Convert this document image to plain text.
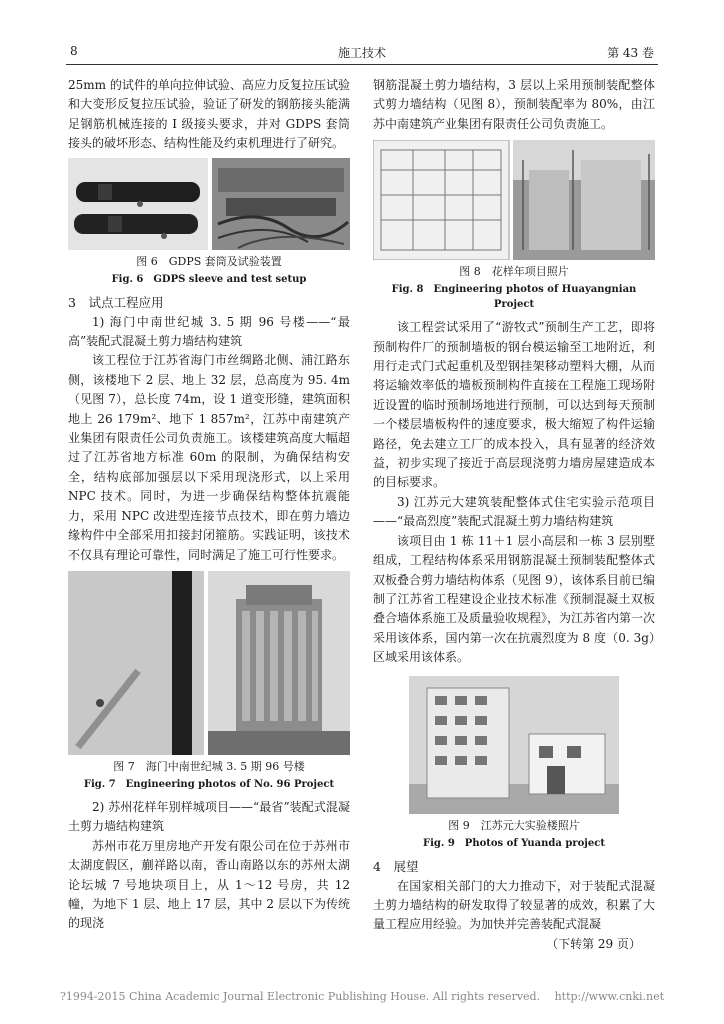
8	施工技术	第 43 卷

25mm 的试件的单向拉伸试验、高应力反复拉压试验和大变形反复拉压试验，验证了研发的钢筋接头能满足钢筋机械连接的 I 级接头要求，并对 GDPS 套筒接头的破坏形态、结构性能及约束机理进行了研究。

图 6　GDPS 套筒及试验装置
Fig. 6　GDPS sleeve and test setup
3　试点工程应用

1) 海门中南世纪城 3. 5 期 96 号楼——“最高”装配式混凝土剪力墙结构建筑

该工程位于江苏省海门市丝绸路北侧、浦江路东侧，该楼地下 2 层、地上 32 层，总高度为 95. 4m（见图 7），总长度 74m，设 1 道变形缝，建筑面积地上 26 179m²、地下 1 857m²，江苏中南建筑产业集团有限责任公司负责施工。该楼建筑高度大幅超过了江苏省地方标准 60m 的限制，为确保结构安全，结构底部加强层以下采用现浇形式，以上采用 NPC 技术。同时，为进一步确保结构整体抗震能力，采用 NPC 改进型连接节点技术，即在剪力墙边缘构件中全部采用扣接封闭箍筋。实践证明，该技术不仅具有理论可靠性，同时满足了施工可行性要求。

图 7　海门中南世纪城 3. 5 期 96 号楼
Fig. 7　Engineering photos of No. 96 Project

2) 苏州花样年别样城项目——“最省”装配式混凝土剪力墙结构建筑

苏州市花万里房地产开发有限公司在位于苏州市太湖度假区，蒯祥路以南，香山南路以东的苏州太湖论坛城 7 号地块项目上，从 1～12 号房，共 12 幢，为地下 1 层、地上 17 层，其中 2 层以下为传统的现浇

钢筋混凝土剪力墙结构，3 层以上采用预制装配整体式剪力墙结构（见图 8），预制装配率为 80%，由江苏中南建筑产业集团有限责任公司负责施工。

图 8　花样年项目照片
Fig. 8　Engineering photos of Huayangnian Project

该工程尝试采用了“游牧式”预制生产工艺，即将预制构件厂的预制墙板的钢台模运输至工地附近，利用行走式门式起重机及型钢挂架移动塑料大棚，从而将运输效率低的墙板预制构件直接在工程施工现场附近设置的临时预制场地进行预制，可以达到每天预制一个楼层墙板构件的速度要求，极大缩短了构件运输路径，免去建立工厂的成本投入，具有显著的经济效益，初步实现了接近于高层现浇剪力墙房屋建造成本的目标要求。

3) 江苏元大建筑装配整体式住宅实验示范项目——“最高烈度”装配式混凝土剪力墙结构建筑

该项目由 1 栋 11＋1 层小高层和一栋 3 层别墅组成，工程结构体系采用钢筋混凝土预制装配整体式双板叠合剪力墙结构体系（见图 9），该体系目前已编制了江苏省工程建设企业技术标准《预制混凝土双板叠合墙体系施工及质量验收规程》，为江苏省内第一次采用该体系，国内第一次在抗震烈度为 8 度（0. 3g）区域采用该体系。

图 9　江苏元大实验楼照片
Fig. 9　Photos of Yuanda project
4　展望

在国家相关部门的大力推动下，对于装配式混凝土剪力墙结构的研发取得了较显著的成效，积累了大量工程应用经验。为加快并完善装配式混凝

（下转第 29 页）

?1994-2015 China Academic Journal Electronic Publishing House. All rights reserved.　 http://www.cnki.net
